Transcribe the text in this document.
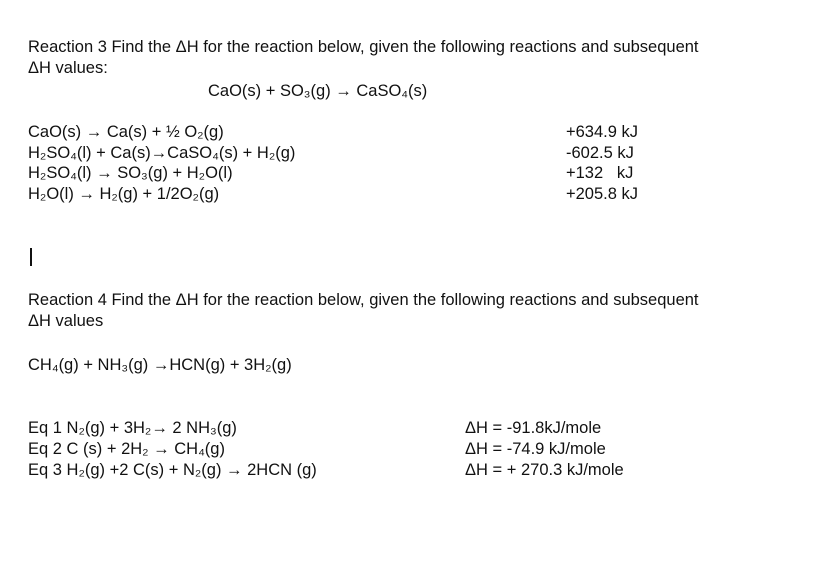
Reaction 3 Find the ΔH for the reaction below, given the following reactions and subsequent
ΔH values:
CaO(s) + SO₃(g) → CaSO₄(s)
CaO(s) → Ca(s) + ½ O₂(g)
H₂SO₄(l) + Ca(s)→CaSO₄(s) + H₂(g)
H₂SO₄(l) → SO₃(g) + H₂O(l)
H₂O(l) → H₂(g) + 1/2O₂(g)
+634.9 kJ
-602.5 kJ
+132   kJ
+205.8 kJ
Reaction 4 Find the ΔH for the reaction below, given the following reactions and subsequent
ΔH values
CH₄(g) + NH₃(g) →HCN(g) + 3H₂(g)
Eq 1 N₂(g) + 3H₂→ 2 NH₃(g)
Eq 2 C (s) + 2H₂ → CH₄(g)
Eq 3 H₂(g) +2 C(s) + N₂(g) → 2HCN (g)
ΔH = -91.8kJ/mole
ΔH = -74.9 kJ/mole
ΔH = + 270.3 kJ/mole
